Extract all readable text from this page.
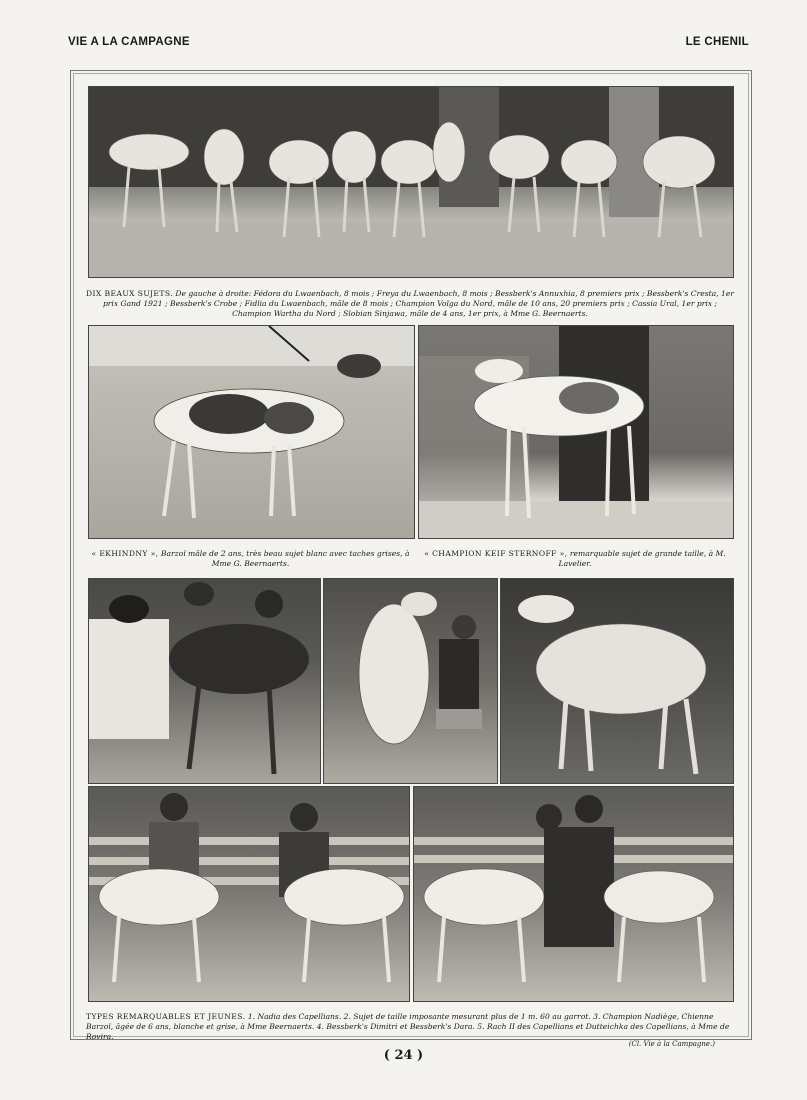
VIE A LA CAMPAGNE	LE CHENIL
DIX BEAUX SUJETS. De gauche à droite: Fédora du Lwaenbach, 8 mois ; Freya du Lwaenbach, 8 mois ; Bessberk's Annuxhia, 8 premiers prix ; Bessberk's Cresta, 1er prix Gand 1921 ; Bessberk's Crobe ; Fidlia du Lwaenbach, mâle de 8 mois ; Champion Volga du Nord, mâle de 10 ans, 20 premiers prix ; Cassia Ural, 1er prix ; Champion Wartha du Nord ; Slobian Sinjawa, mâle de 4 ans, 1er prix, à Mme G. Beernaerts.
« EKHINDNY », Barzoï mâle de 2 ans, très beau sujet blanc avec taches grises, à Mme G. Beernaerts.
« CHAMPION KEIF STERNOFF », remarquable sujet de grande taille, à M. Lavelier.
TYPES REMARQUABLES ET JEUNES. 1. Nadia des Capellians. 2. Sujet de taille imposante mesurant plus de 1 m. 60 au garrot. 3. Champion Nadiège, Chienne Barzoï, âgée de 6 ans, blanche et grise, à Mme Beernaerts. 4. Bessberk's Dimitri et Bessberk's Dara. 5. Rach II des Capellians et Dutteichka des Capellians, à Mme de Rovira.
(Cl. Vie à la Campagne.)
( 24 )
